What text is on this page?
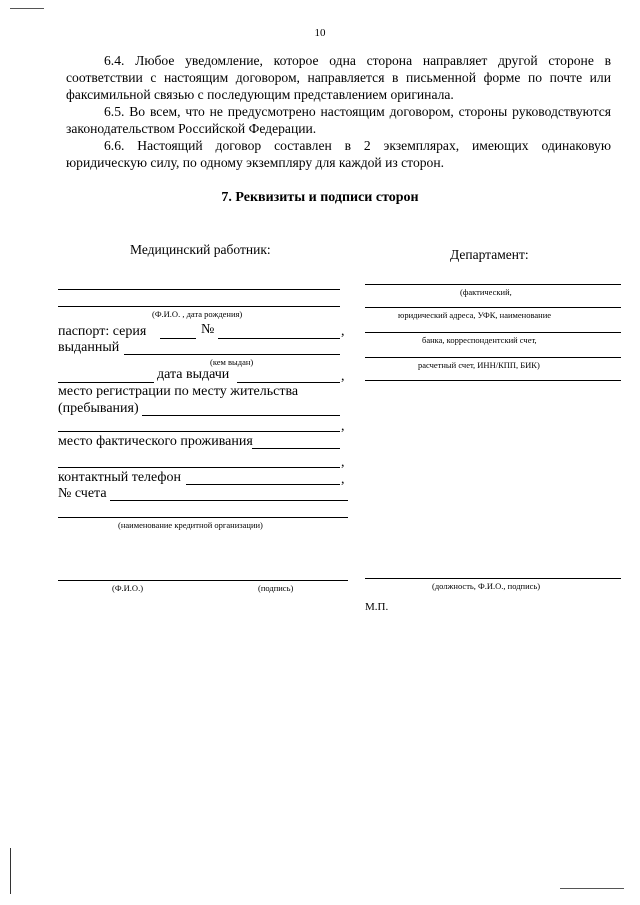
10

6.4. Любое уведомление, которое одна сторона направляет другой стороне в соответствии с настоящим договором, направляется в письменной форме по почте или факсимильной связью с последующим представлением оригинала.

6.5. Во всем, что не предусмотрено настоящим договором, стороны руководствуются законодательством Российской Федерации.

6.6. Настоящий договор составлен в 2 экземплярах, имеющих одинаковую юридическую силу, по одному экземпляру для каждой из сторон.

7. Реквизиты и подписи сторон
Медицинский работник:
(Ф.И.О. , дата рождения)
паспорт: серия	№	,
выданный
(кем выдан)
дата выдачи	,
место регистрации по месту жительства
(пребывания)
,
место фактического проживания
,
контактный телефон	,
№ счета
(наименование кредитной организации)
(Ф.И.О.)	(подпись)
Департамент:
(фактический,
юридический адреса, УФК, наименование
банка, корреспондентский счет,
расчетный счет, ИНН/КПП, БИК)
(должность, Ф.И.О., подпись)
М.П.
